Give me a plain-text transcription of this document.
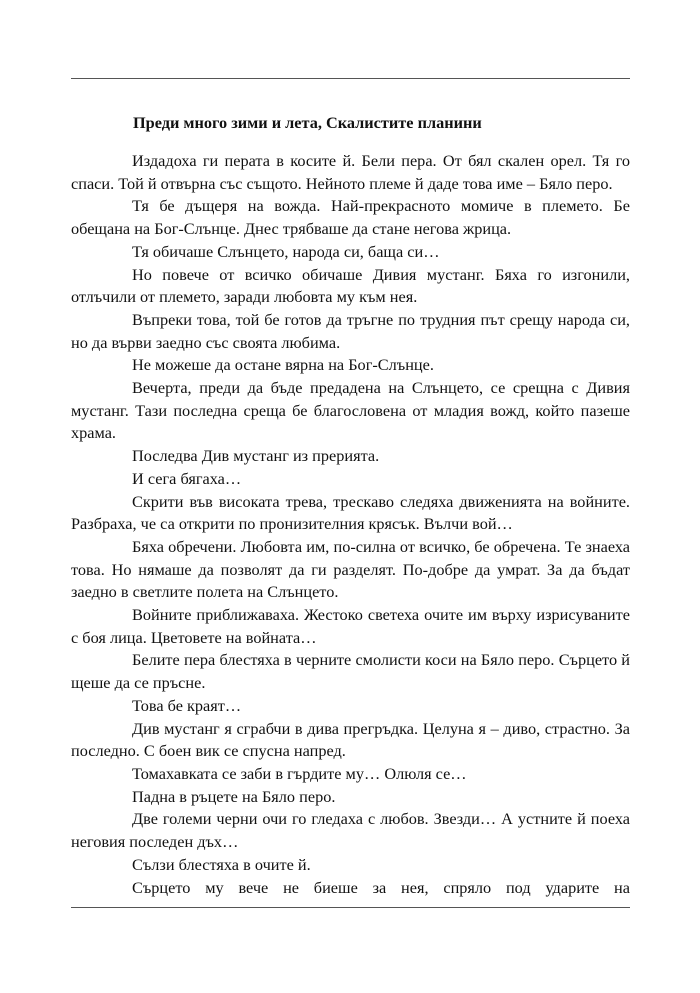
Преди много зими и лета, Скалистите планини

Издадоха ги перата в косите й. Бели пера. От бял скален орел. Тя го спаси. Той й отвърна със същото. Нейното племе й даде това име – Бяло перо.

Тя бе дъщеря на вожда. Най-прекрасното момиче в племето. Бе обещана на Бог-Слънце. Днес трябваше да стане негова жрица.

Тя обичаше Слънцето, народа си, баща си…

Но повече от всичко обичаше Дивия мустанг. Бяха го изгонили, отлъчили от племето, заради любовта му към нея.

Въпреки това, той бе готов да тръгне по трудния път срещу народа си, но да върви заедно със своята любима.

Не можеше да остане вярна на Бог-Слънце.

Вечерта, преди да бъде предадена на Слънцето, се срещна с Дивия мустанг. Тази последна среща бе благословена от младия вожд, който пазеше храма.

Последва Див мустанг из прерията.

И сега бягаха…

Скрити във високата трева, трескаво следяха движенията на войните. Разбраха, че са открити по пронизителния крясък. Вълчи вой…

Бяха обречени. Любовта им, по-силна от всичко, бе обречена. Те знаеха това. Но нямаше да позволят да ги разделят. По-добре да умрат. За да бъдат заедно в светлите полета на Слънцето.

Войните приближаваха. Жестоко светеха очите им върху изрисуваните с боя лица. Цветовете на войната…

Белите пера блестяха в черните смолисти коси на Бяло перо. Сърцето й щеше да се пръсне.

Това бе краят…

Див мустанг я сграбчи в дива прегръдка. Целуна я – диво, страстно. За последно. С боен вик се спусна напред.

Томахавката се заби в гърдите му… Олюля се…

Падна в ръцете на Бяло перо.

Две големи черни очи го гледаха с любов. Звезди… А устните й поеха неговия последен дъх…

Сълзи блестяха в очите й.

Сърцето му вече не биеше за нея, спряло под ударите на
